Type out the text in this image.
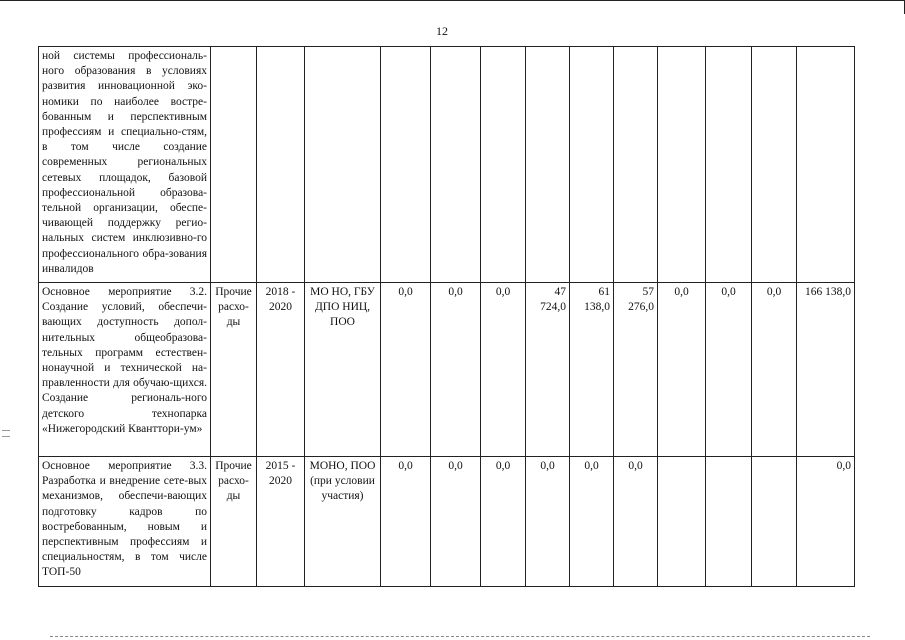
12
ной системы профессиональ-ного образования в условиях развития инновационной эко-номики по наиболее востре-бованным и перспективным профессиям и специально-стям, в том числе создание современных региональных сетевых площадок, базовой профессиональной образова-тельной организации, обеспе-чивающей поддержку регио-нальных систем инклюзивно-го профессионального обра-зования инвалидов													
Основное мероприятие 3.2. Создание условий, обеспечи-вающих доступность допол-нительных общеобразова-тельных программ естествен-нонаучной и технической на-правленности для обучаю-щихся. Создание региональ-ного детского технопарка «Нижегородский Кванттори-ум»	Прочие расхо-ды	2018 - 2020	МО НО, ГБУ ДПО НИЦ, ПОО	0,0	0,0	0,0	47 724,0	61 138,0	57 276,0	0,0	0,0	0,0	166 138,0
Основное мероприятие 3.3. Разработка и внедрение сете-вых механизмов, обеспечи-вающих подготовку кадров по востребованным, новым и перспективным профессиям и специальностям, в том числе ТОП-50	Прочие расхо-ды	2015 - 2020	МОНО, ПОО (при условии участия)	0,0	0,0	0,0	0,0	0,0	0,0				0,0
